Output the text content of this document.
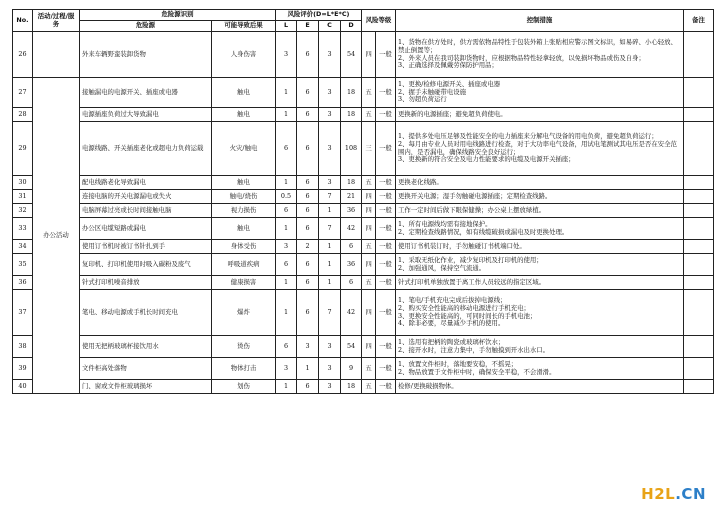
No.	活动/过程/服务	危险源识别		风险评价(D=L*E*C)				风险等级		控制措施	备注
		危险源	可能导致后果	L	E	C	D				
26		外来车辆野蛮装卸货物	人身伤害	3	6	3	54	四	一般	1、货物在供方处时，供方需依物品特性于包装外箱上张贴相应警示图文标识，如易碎、小心轻放、禁止倒置等；
2、外来人员在我司装卸货物时，应根据物品特性轻拿轻放，以免损坏物品或伤及自身；
3、正确选择及佩戴劳保防护用品；	

27	办公活动	接触漏电的电源开关、插座或电器	触电	1	6	3	18	五	一般	1、更换/检修电源开关、插座或电器
2、握手未触碰带电设施
3、勿超负荷运行	

28		电源插座负荷过大导致漏电	触电	1	6	3	18	五	一般	更换新的电源插座；避免超负荷使电。	

29		电源线路、开关插座老化或超电力负荷运载	火灾/触电	6	6	3	108	三	一般	1、提供多处电压足够及性能安全的电力插座来分解电气设备的用电负荷，避免超负荷运行；
2、每月由专业人员对用电线路进行检查，对于大功率电气设备，用试电笔测试其电压是否在安全范围内，是否漏电，确保线路安全良好运行；
3、更换新的符合安全及电力性能要求的电缆及电源开关插座；	

30		配电线路老化导致漏电	触电	1	6	3	18	五	一般	更换老化线路。	

31		连接电脑的开关电源漏电或失火	触电/烧伤	0.5	6	7	21	四	一般	更换开关电源；湿手勿触碰电源插座；定期检查线路。	

32		电脑屏幕过亮或长时间接触电脑	视力损伤	6	6	1	36	四	一般	工作一定时间后做下眼保健操；办公桌上摆放绿植。	

33		办公区电缆短路或漏电	触电	1	6	7	42	四	一般	1、所有电源线均需有接地保护。
2、定期检查线路情况，如有线缆破损或漏电及时更换处理。	

34		使用订书机时被订书针扎到手	身体受伤	3	2	1	6	五	一般	使用订书机装订时，手勿触碰订书机端口处。	

35		复印机、打印机使用时吸入碳粉及废气	呼吸道疾病	6	6	1	36	四	一般	1、采取无纸化作业，减少复印机及打印机的使用；
2、加强通风，保持空气流通。	

36		针式打印机噪音排放	健康损害	1	6	1	6	五	一般	针式打印机单独放置于离工作人员较远的指定区域。	

37		笔电、移动电源或手机长时间充电	爆炸	1	6	7	42	四	一般	1、笔电/手机充电完成后拔掉电源线；
2、购买安全性能高的移动电源进行手机充电；
3、更换安全性能高的，可同时间长的手机电池；
4、除非必要，尽量减少手机的使用。	

38		使用无把柄玻璃杯接饮用水	烫伤	6	3	3	54	四	一般	1、选用有把柄的陶瓷或玻璃杯饮水；
2、接开水时，注意力集中，手勿触摸到开水出水口。	

39		文件柜高处落物	物体打击	3	1	3	9	五	一般	1、放置文件柜时，落地要安稳，不摇晃；
2、物品放置于文件柜中时，确保安全平稳，不会滑滑。	

40		门、窗或文件柜玻璃损坏	划伤	1	6	3	18	五	一般	检修/更换破损物体。	

H2L.CN
